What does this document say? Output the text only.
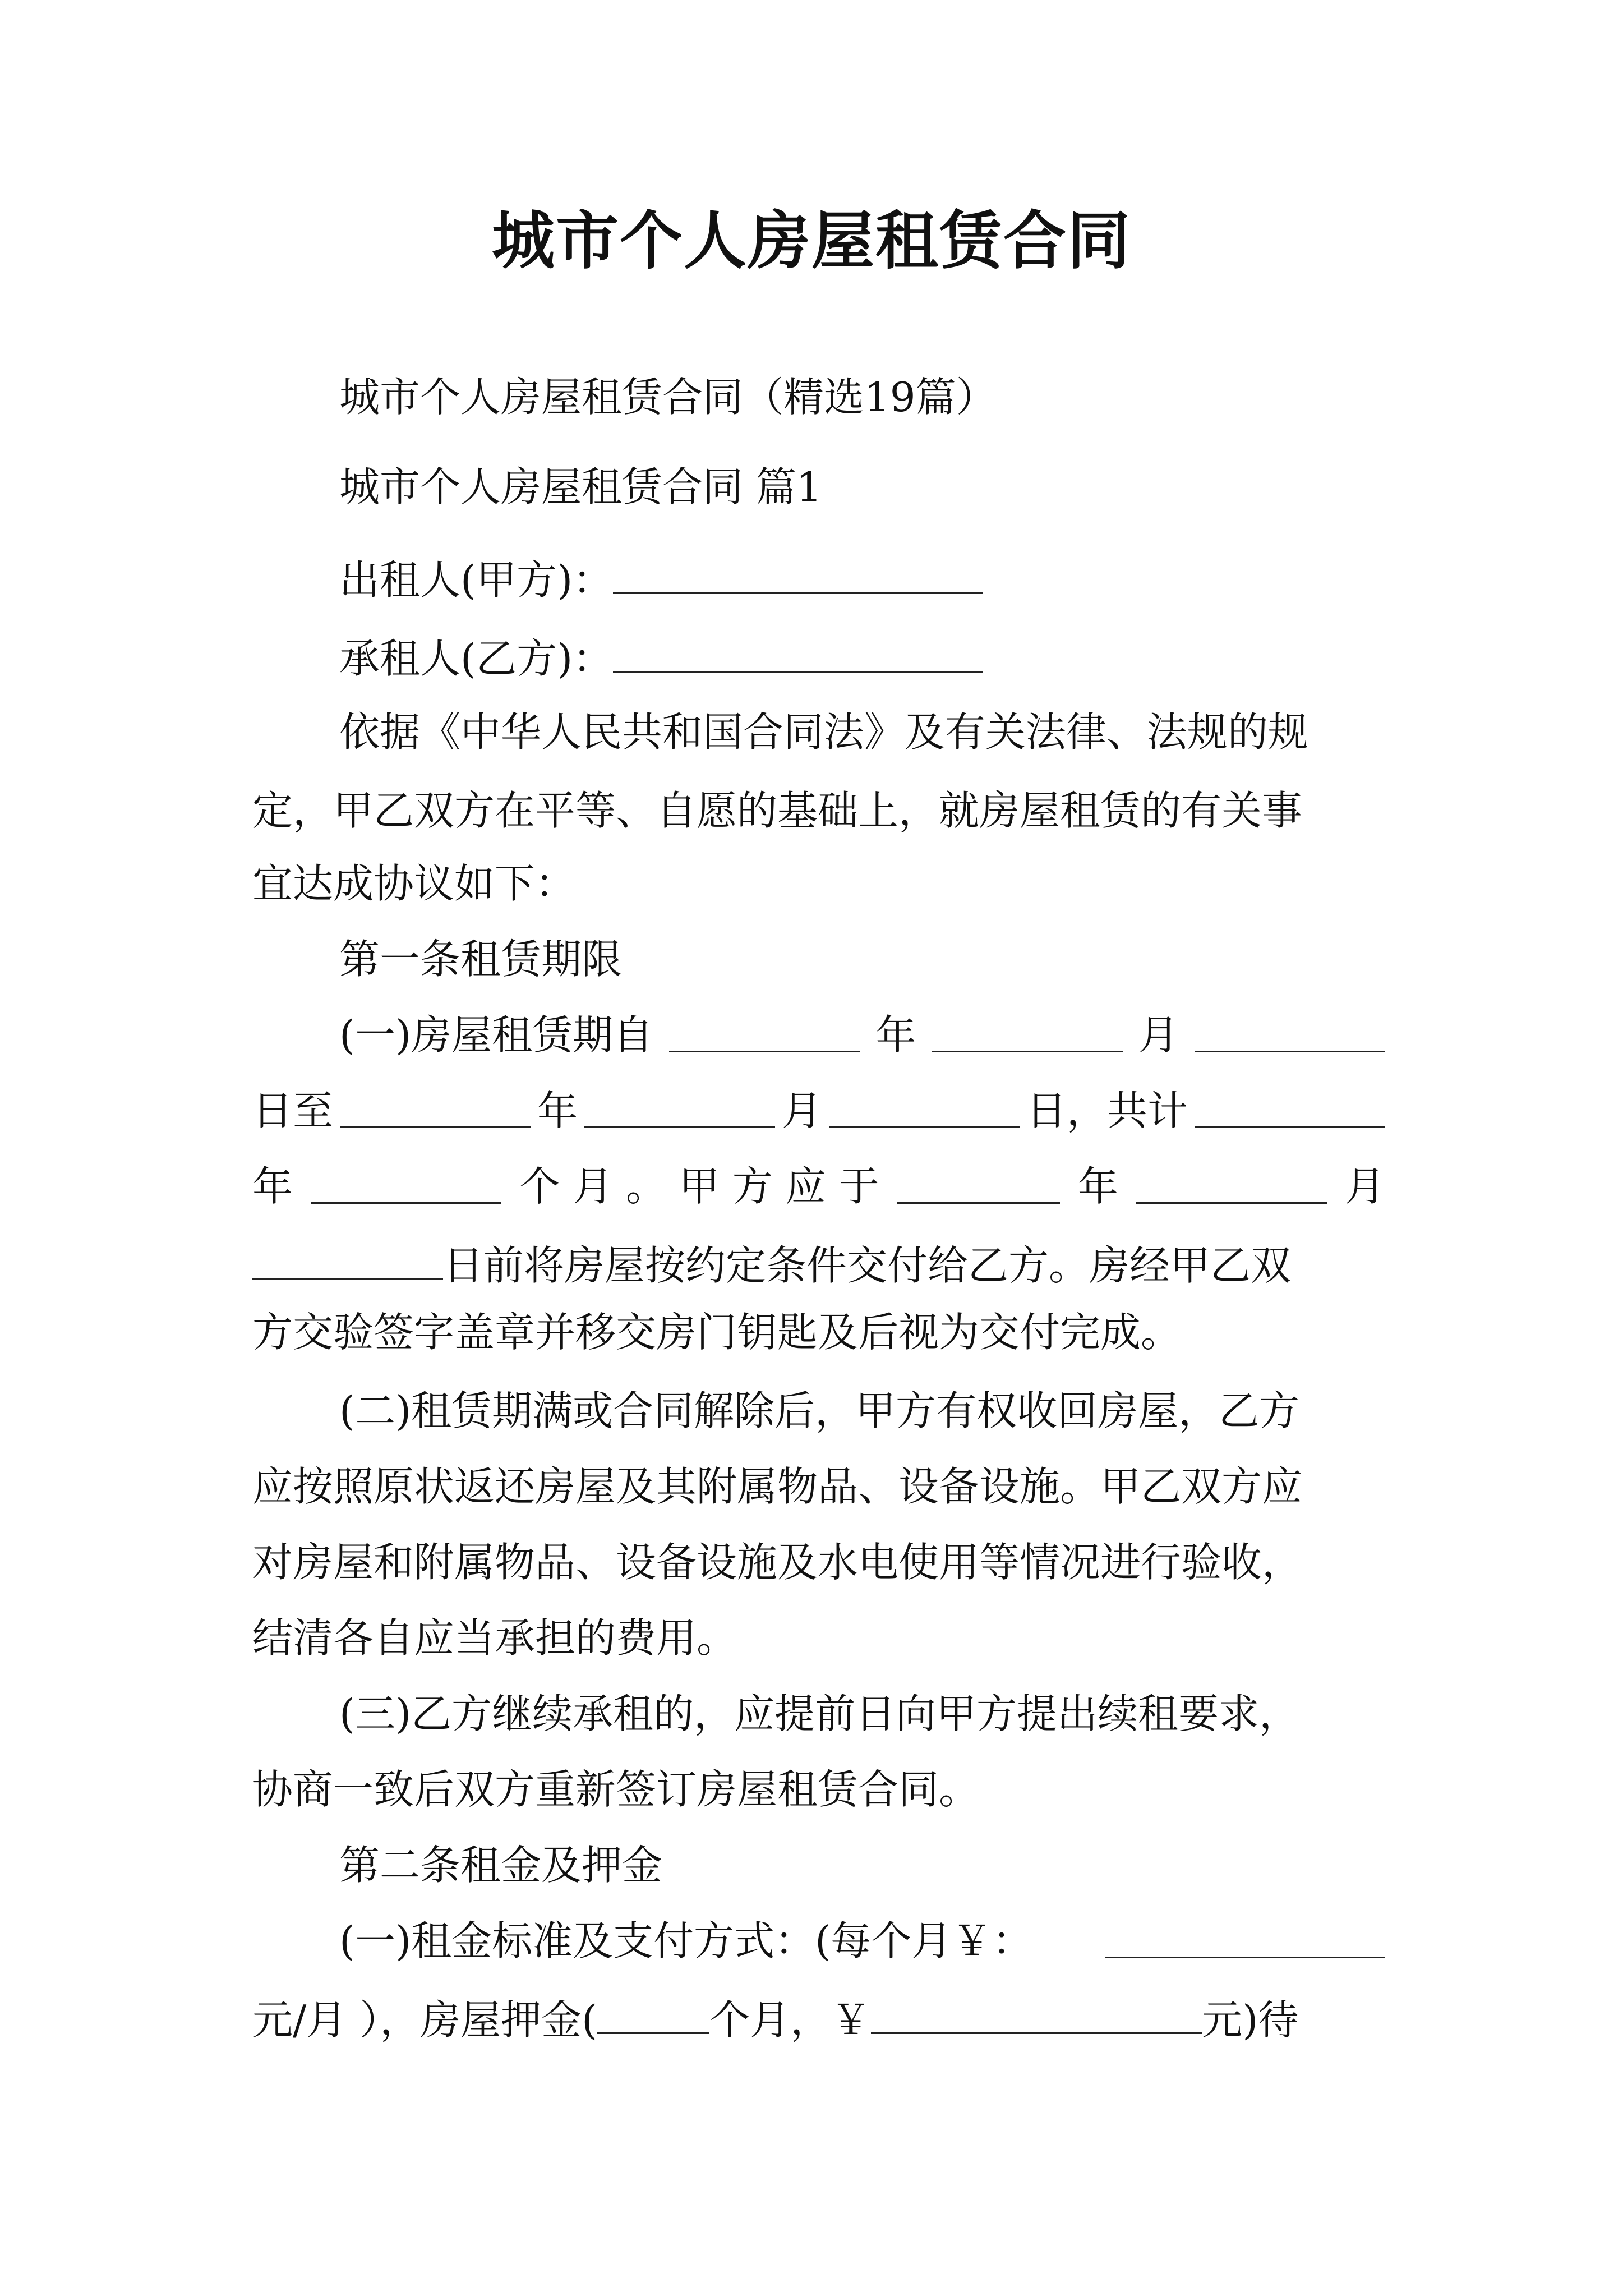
城市个人房屋租赁合同
城市个人房屋租赁合同（精选19篇）
城市个人房屋租赁合同 篇1
出租人(甲方)：
承租人(乙方)：
依据《中华人民共和国合同法》及有关法律、法规的规
定，甲乙双方在平等、自愿的基础上，就房屋租赁的有关事
宜达成协议如下：
第一条租赁期限
(一)房屋租赁期自	年	月
日至	年	月	日，共计
年	个 月 。 甲 方 应 于	年	月
日前将房屋按约定条件交付给乙方。房经甲乙双
方交验签字盖章并移交房门钥匙及后视为交付完成。
(二)租赁期满或合同解除后，甲方有权收回房屋，乙方
应按照原状返还房屋及其附属物品、设备设施。甲乙双方应
对房屋和附属物品、设备设施及水电使用等情况进行验收，
结清各自应当承担的费用。
(三)乙方继续承租的，应提前日向甲方提出续租要求，
协商一致后双方重新签订房屋租赁合同。
第二条租金及押金
(一)租金标准及支付方式：(每个月￥：
元/月 ），房屋押金(	个月，￥	元)待
